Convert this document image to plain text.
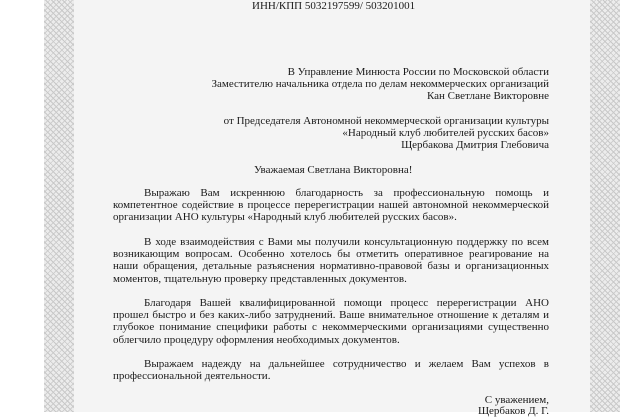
ИНН/КПП 5032197599/ 503201001
В Управление Минюста России по Московской области
Заместителю начальника отдела по делам некоммерческих организаций
Кан Светлане Викторовне
от Председателя Автономной некоммерческой организации культуры
«Народный клуб любителей русских басов»
Щербакова Дмитрия Глебовича
Уважаемая Светлана Викторовна!
Выражаю Вам искреннюю благодарность за профессиональную помощь и компетентное содействие в процессе перерегистрации нашей автономной некоммерческой организации АНО культуры «Народный клуб любителей русских басов».
В ходе взаимодействия с Вами мы получили консультационную поддержку по всем возникающим вопросам. Особенно хотелось бы отметить оперативное реагирование на наши обращения, детальные разъяснения нормативно-правовой базы и организационных моментов, тщательную проверку представленных документов.
Благодаря Вашей квалифицированной помощи процесс перерегистрации АНО прошел быстро и без каких-либо затруднений. Ваше внимательное отношение к деталям и глубокое понимание специфики работы с некоммерческими организациями существенно облегчило процедуру оформления необходимых документов.
Выражаем надежду на дальнейшее сотрудничество и желаем Вам успехов в профессиональной деятельности.
С уважением,
Щербаков Д. Г.
